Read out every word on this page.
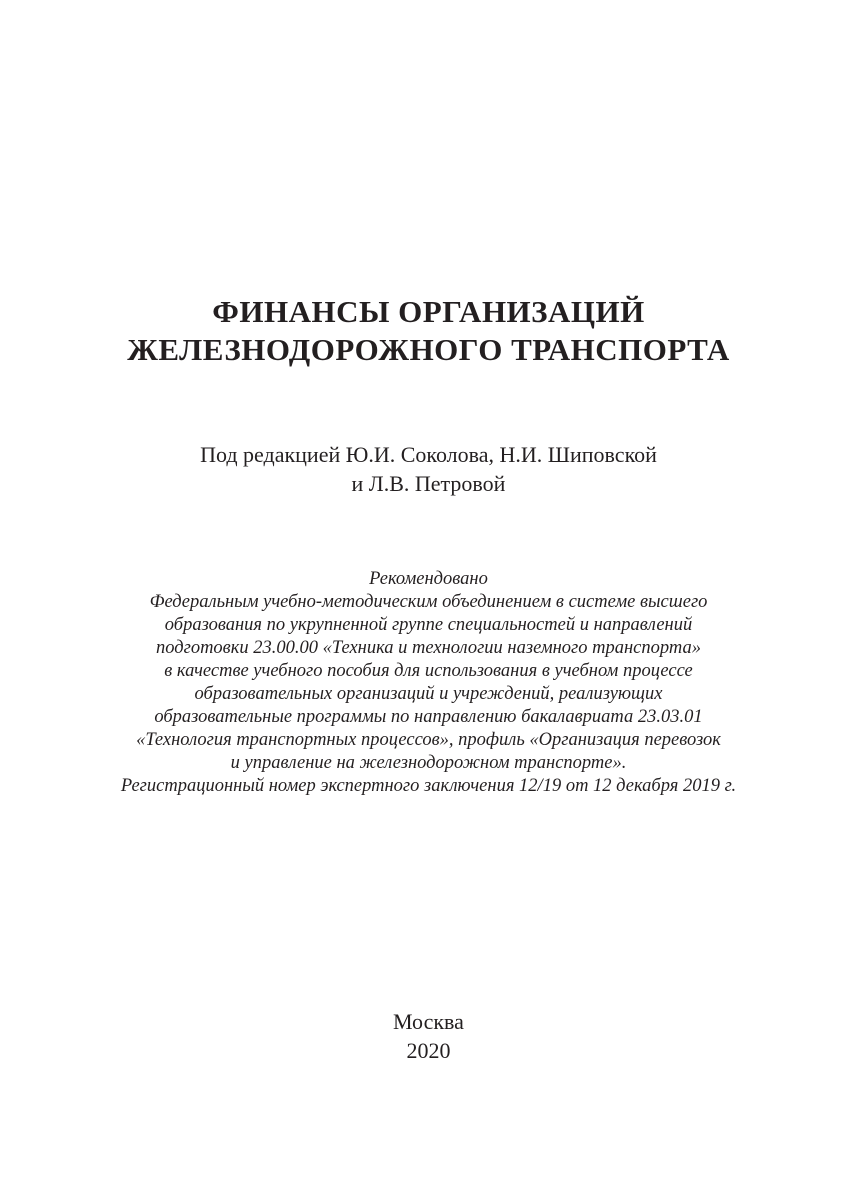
ФИНАНСЫ ОРГАНИЗАЦИЙ
ЖЕЛЕЗНОДОРОЖНОГО ТРАНСПОРТА
Под редакцией Ю.И. Соколова, Н.И. Шиповской
и Л.В. Петровой
Рекомендовано
Федеральным учебно-методическим объединением в системе высшего
образования по укрупненной группе специальностей и направлений
подготовки 23.00.00 «Техника и технологии наземного транспорта»
в качестве учебного пособия для использования в учебном процессе
образовательных организаций и учреждений, реализующих
образовательные программы по направлению бакалавриата 23.03.01
«Технология транспортных процессов», профиль «Организация перевозок
и управление на железнодорожном транспорте».
Регистрационный номер экспертного заключения 12/19 от 12 декабря 2019 г.
Москва
2020
